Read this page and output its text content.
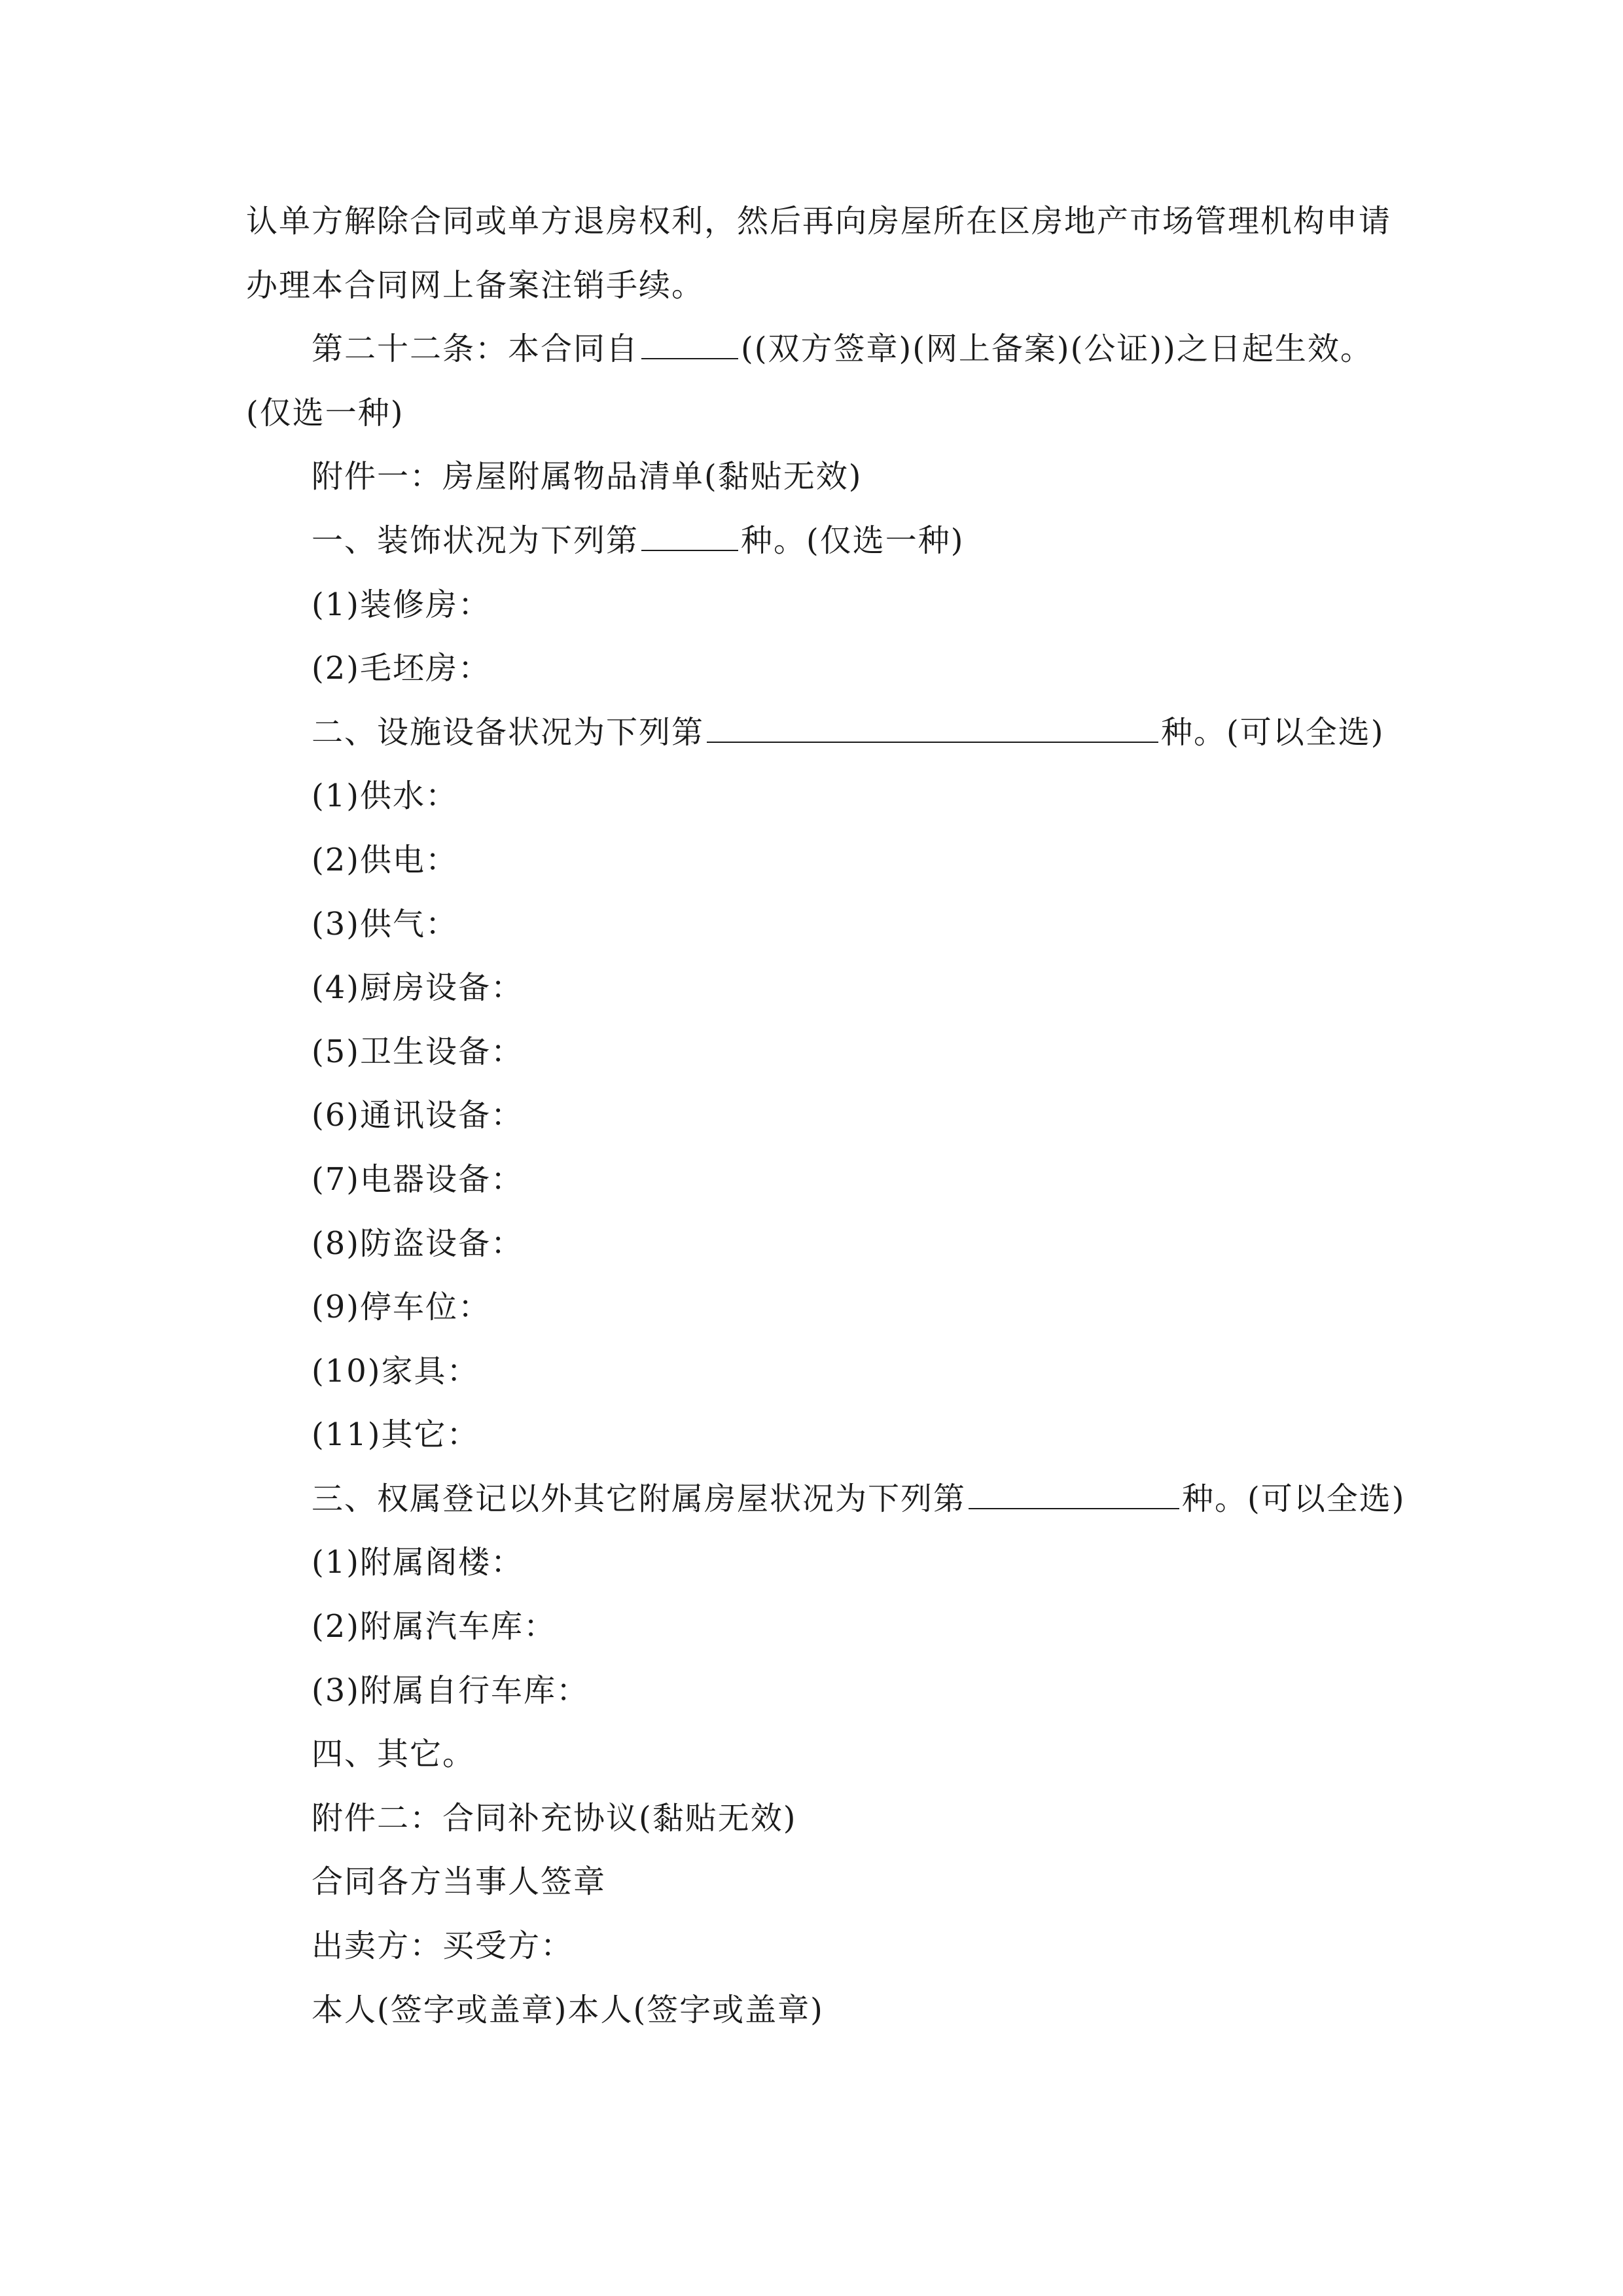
认单方解除合同或单方退房权利，然后再向房屋所在区房地产市场管理机构申请
办理本合同网上备案注销手续。
第二十二条：本合同自	((双方签章)(网上备案)(公证))之日起生效。
(仅选一种)
附件一：房屋附属物品清单(黏贴无效)
一、装饰状况为下列第	种。(仅选一种)
(1)装修房：
(2)毛坯房：
二、设施设备状况为下列第	种。(可以全选)
(1)供水：
(2)供电：
(3)供气：
(4)厨房设备：
(5)卫生设备：
(6)通讯设备：
(7)电器设备：
(8)防盗设备：
(9)停车位：
(10)家具：
(11)其它：
三、权属登记以外其它附属房屋状况为下列第	种。(可以全选)
(1)附属阁楼：
(2)附属汽车库：
(3)附属自行车库：
四、其它。
附件二：合同补充协议(黏贴无效)
合同各方当事人签章
出卖方：买受方：
本人(签字或盖章)本人(签字或盖章)
